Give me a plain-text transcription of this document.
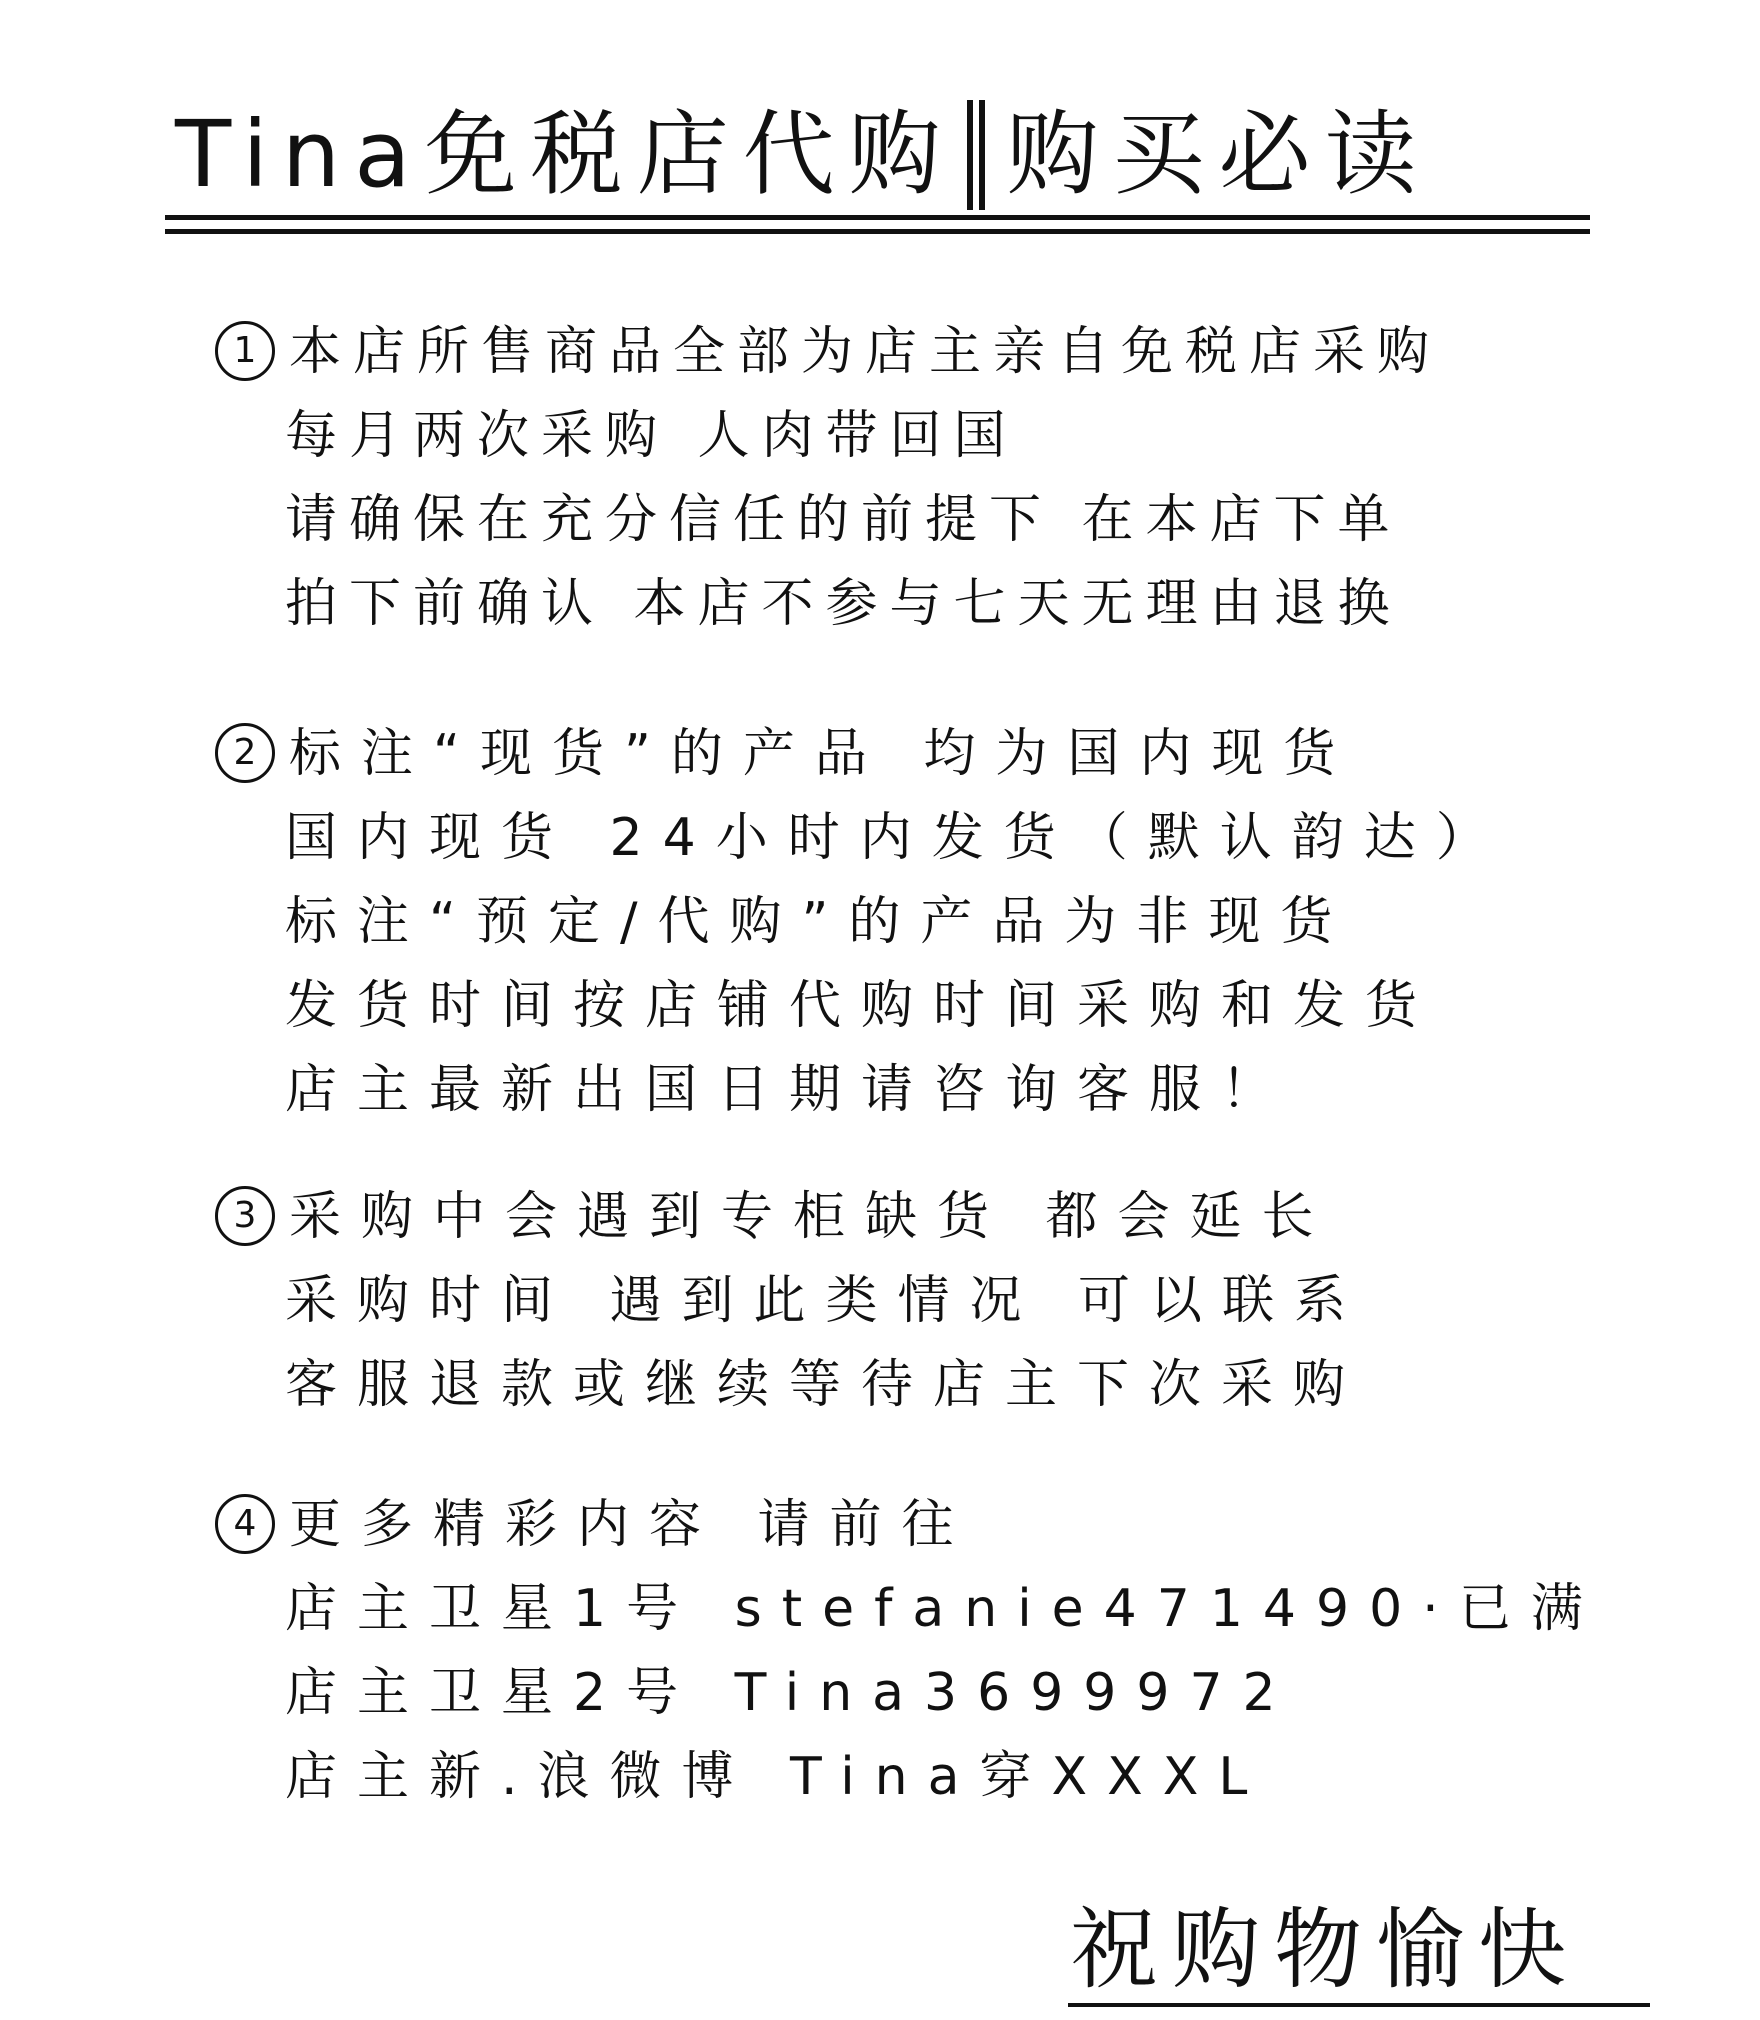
Tina免税店代购 购买必读
1 本店所售商品全部为店主亲自免税店采购
每月两次采购 人肉带回国
请确保在充分信任的前提下 在本店下单
拍下前确认 本店不参与七天无理由退换
2 标注“现货”的产品 均为国内现货
国内现货 24小时内发货（默认韵达）
标注“预定/代购”的产品为非现货
发货时间按店铺代购时间采购和发货
店主最新出国日期请咨询客服！
3 采购中会遇到专柜缺货 都会延长
采购时间 遇到此类情况 可以联系
客服退款或继续等待店主下次采购
4 更多精彩内容 请前往
店主卫星1号 stefanie471490·已满
店主卫星2号 Tina3699972
店主新.浪微博 Tina穿XXXL
祝购物愉快
